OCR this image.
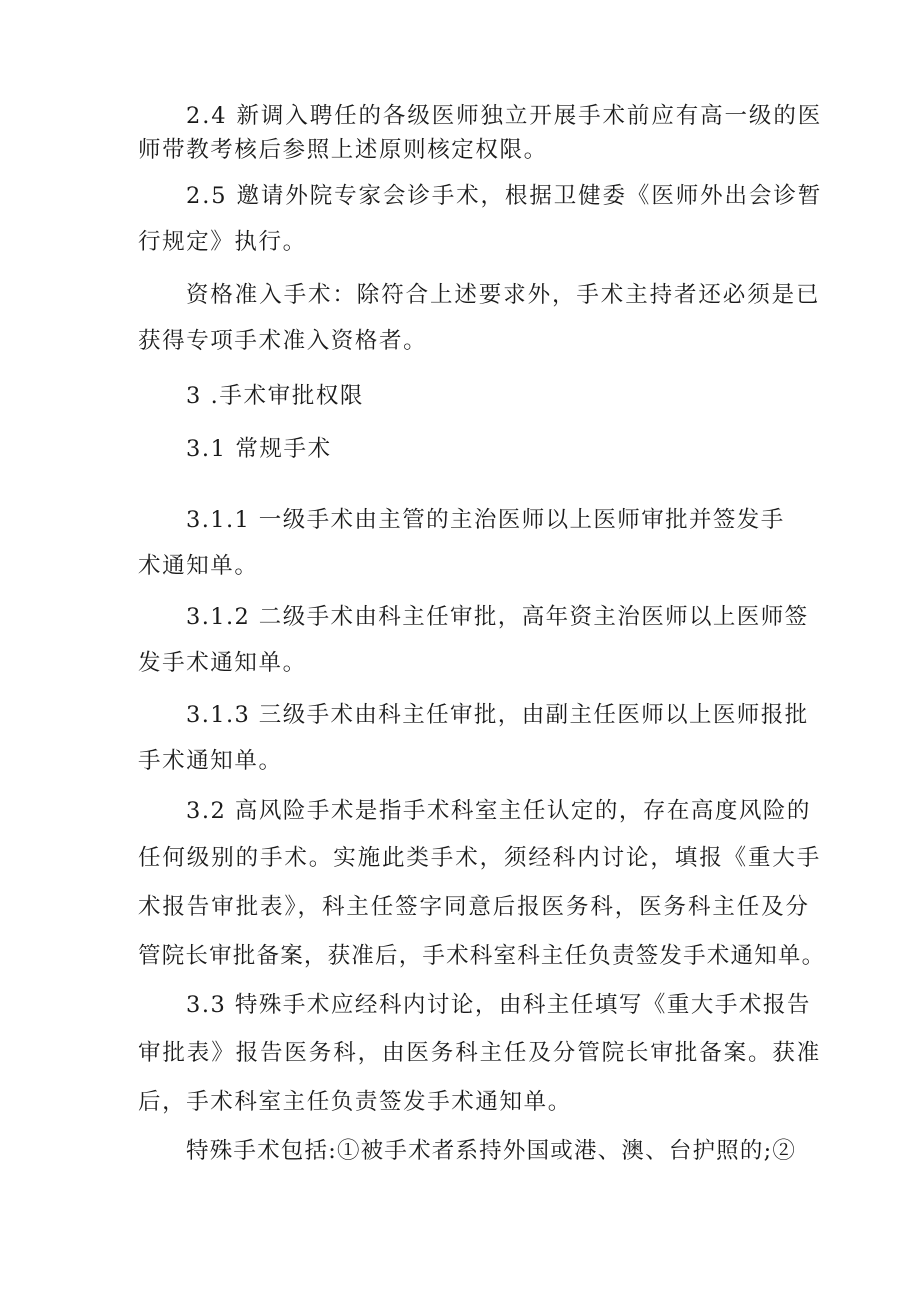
2.4 新调入聘任的各级医师独立开展手术前应有高一级的医

师带教考核后参照上述原则核定权限。

2.5 邀请外院专家会诊手术，根据卫健委《医师外出会诊暂

行规定》执行。

资格准入手术：除符合上述要求外，手术主持者还必须是已

获得专项手术准入资格者。

3 .手术审批权限

3.1 常规手术

3.1.1 一级手术由主管的主治医师以上医师审批并签发手

术通知单。

3.1.2 二级手术由科主任审批，高年资主治医师以上医师签

发手术通知单。

3.1.3 三级手术由科主任审批，由副主任医师以上医师报批

手术通知单。

3.2 高风险手术是指手术科室主任认定的，存在高度风险的

任何级别的手术。实施此类手术，须经科内讨论，填报《重大手

术报告审批表》，科主任签字同意后报医务科，医务科主任及分

管院长审批备案，获准后，手术科室科主任负责签发手术通知单。

3.3 特殊手术应经科内讨论，由科主任填写《重大手术报告

审批表》报告医务科，由医务科主任及分管院长审批备案。获准

后，手术科室主任负责签发手术通知单。

特殊手术包括:①被手术者系持外国或港、澳、台护照的;②
